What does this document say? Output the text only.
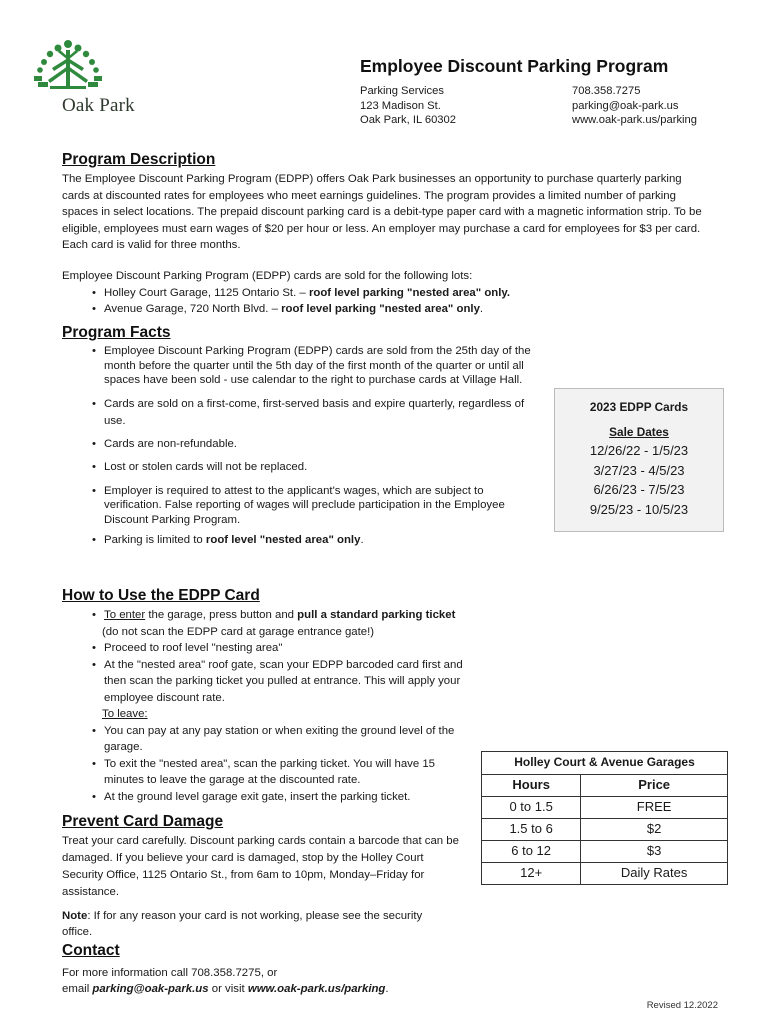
Oak Park
Employee Discount Parking Program
Parking Services
123 Madison St.
Oak Park, IL 60302
708.358.7275
parking@oak-park.us
www.oak-park.us/parking
Program Description

The Employee Discount Parking Program (EDPP) offers Oak Park businesses an opportunity to purchase quarterly parking cards at discounted rates for employees who meet earnings guidelines. The program provides a limited number of parking spaces in select locations. The prepaid discount parking card is a debit-type paper card with a magnetic information strip. To be eligible, employees must earn wages of $20 per hour or less. An employer may purchase a card for employees for $3 per card. Each card is valid for three months.

Employee Discount Parking Program (EDPP) cards are sold for the following lots:

• Holley Court Garage, 1125 Ontario St. – roof level parking "nested area" only.
• Avenue Garage, 720 North Blvd. – roof level parking "nested area" only.
Program Facts
• Employee Discount Parking Program (EDPP) cards are sold from the 25th day of the month before the quarter until the 5th day of the first month of the quarter or until all spaces have been sold - use calendar to the right to purchase cards at Village Hall.
• Cards are sold on a first-come, first-served basis and expire quarterly, regardless of use.
• Cards are non-refundable.
• Lost or stolen cards will not be replaced.
• Employer is required to attest to the applicant's wages, which are subject to verification. False reporting of wages will preclude participation in the Employee Discount Parking Program.
• Parking is limited to roof level "nested area" only.
2023 EDPP Cards
Sale Dates
12/26/22 - 1/5/23
3/27/23 - 4/5/23
6/26/23 - 7/5/23
9/25/23 - 10/5/23
How to Use the EDPP Card
• To enter the garage, press button and pull a standard parking ticket
(do not scan the EDPP card at garage entrance gate!)
• Proceed to roof level "nesting area"
• At the "nested area" roof gate, scan your EDPP barcoded card first and then scan the parking ticket you pulled at entrance. This will apply your employee discount rate.
To leave:
• You can pay at any pay station or when exiting the ground level of the garage.
• To exit the "nested area", scan the parking ticket. You will have 15 minutes to leave the garage at the discounted rate.
• At the ground level garage exit gate, insert the parking ticket.
Holley Court & Avenue Garages	
Hours	Price
0 to 1.5	FREE
1.5 to 6	$2
6 to 12	$3
12+	Daily Rates
Prevent Card Damage

Treat your card carefully. Discount parking cards contain a barcode that can be damaged. If you believe your card is damaged, stop by the Holley Court Security Office, 1125 Ontario St., from 6am to 10pm, Monday–Friday for assistance.

Note: If for any reason your card is not working, please see the security office.

Contact
For more information call 708.358.7275, or
email parking@oak-park.us or visit www.oak-park.us/parking.
Revised 12.2022
